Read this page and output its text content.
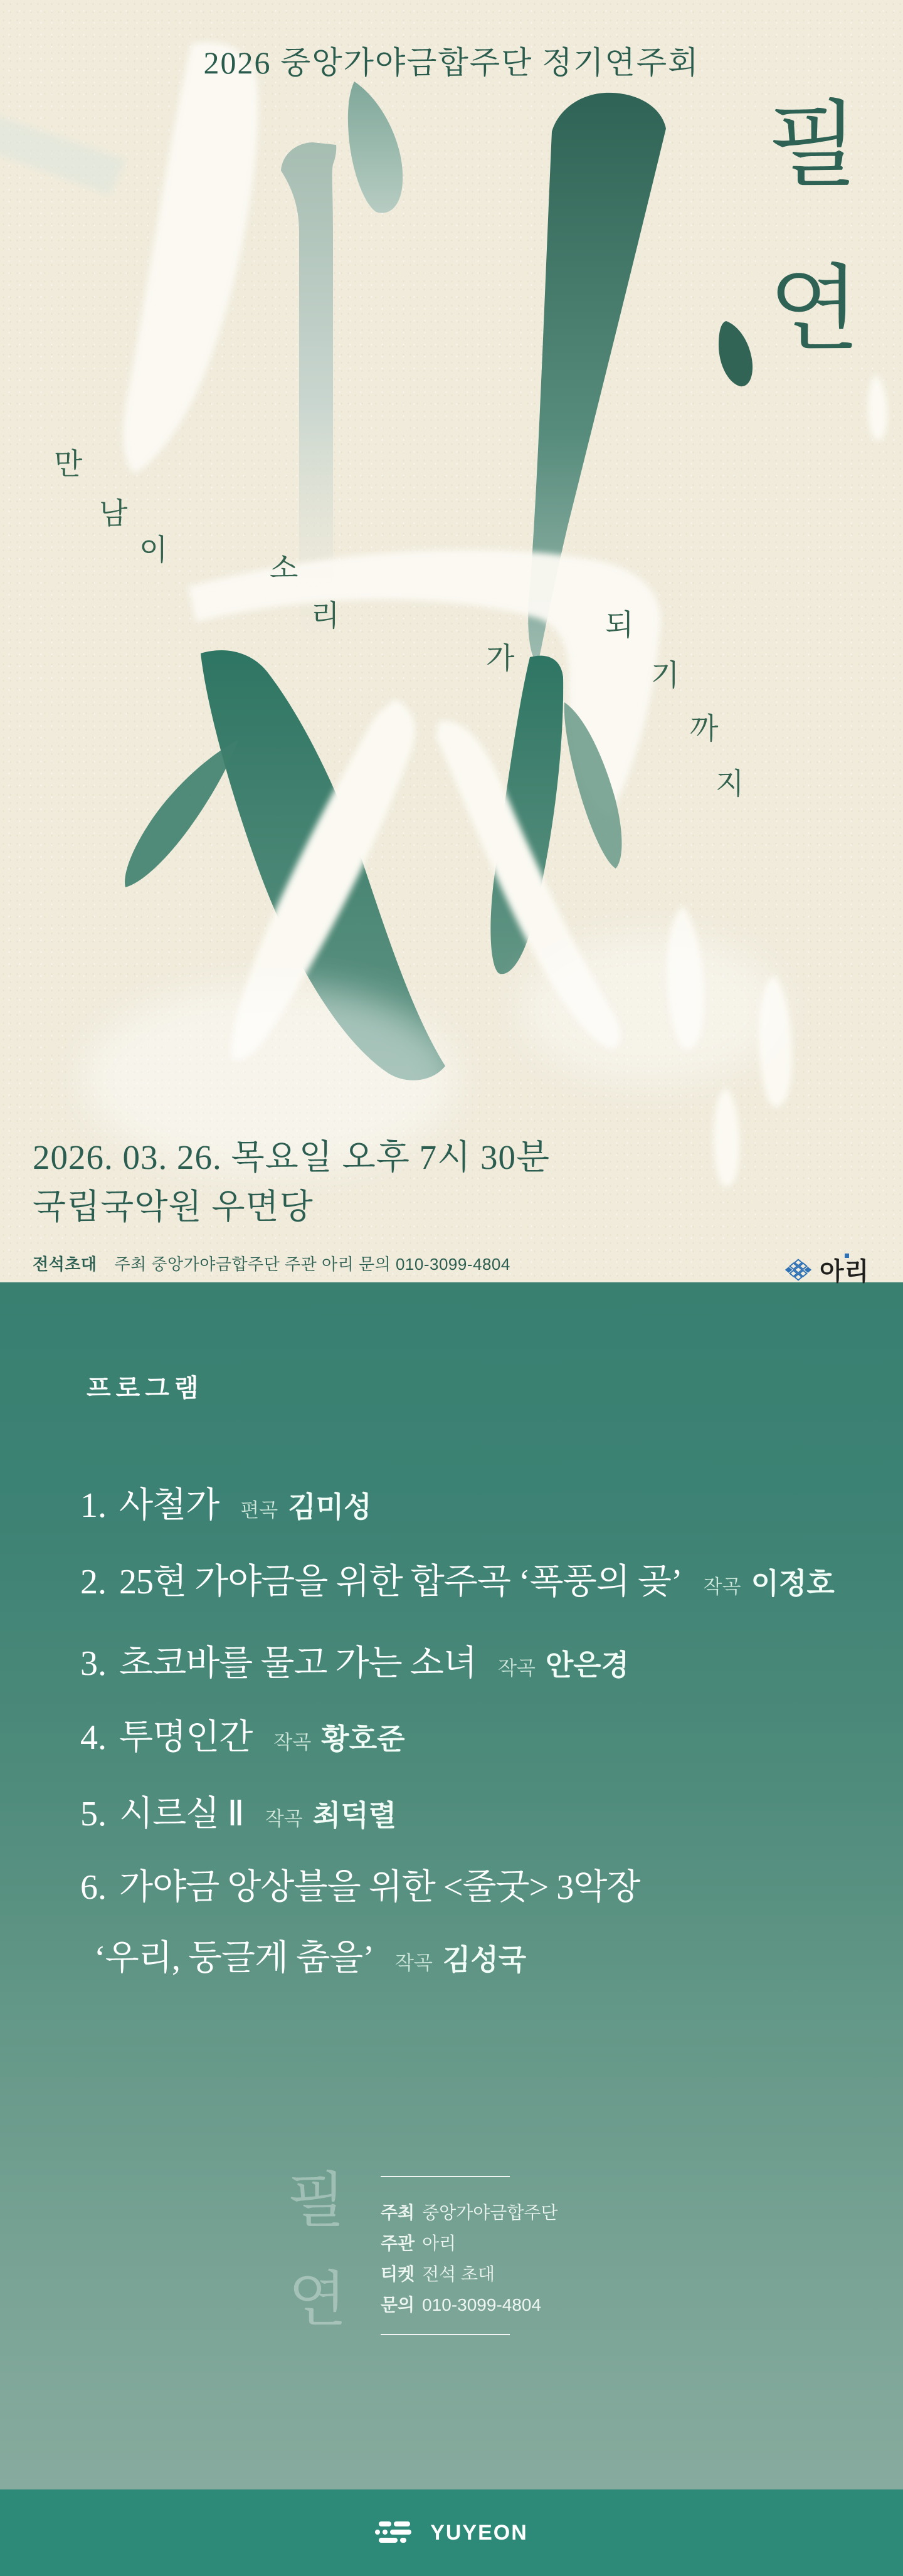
2026 중앙가야금합주단 정기연주회
필
연
만
남
이
소
리
가
되
기
까
지
2026. 03. 26. 목요일 오후 7시 30분
국립국악원 우면당
전석초대 주최 중앙가야금합주단 주관 아리 문의 010-3099-4804	아리
프로그램
1. 사철가 편곡 김미성
2. 25현 가야금을 위한 합주곡 ‘폭풍의 곶’ 작곡 이정호
3. 초코바를 물고 가는 소녀 작곡 안은경
4. 투명인간 작곡 황호준
5. 시르실 Ⅱ 작곡 최덕렬
6. 가야금 앙상블을 위한 <줄굿> 3악장
‘우리, 둥글게 춤을’ 작곡 김성국
필
연
주최 중앙가야금합주단
주관 아리
티켓 전석 초대
문의 010-3099-4804
YUYEON
